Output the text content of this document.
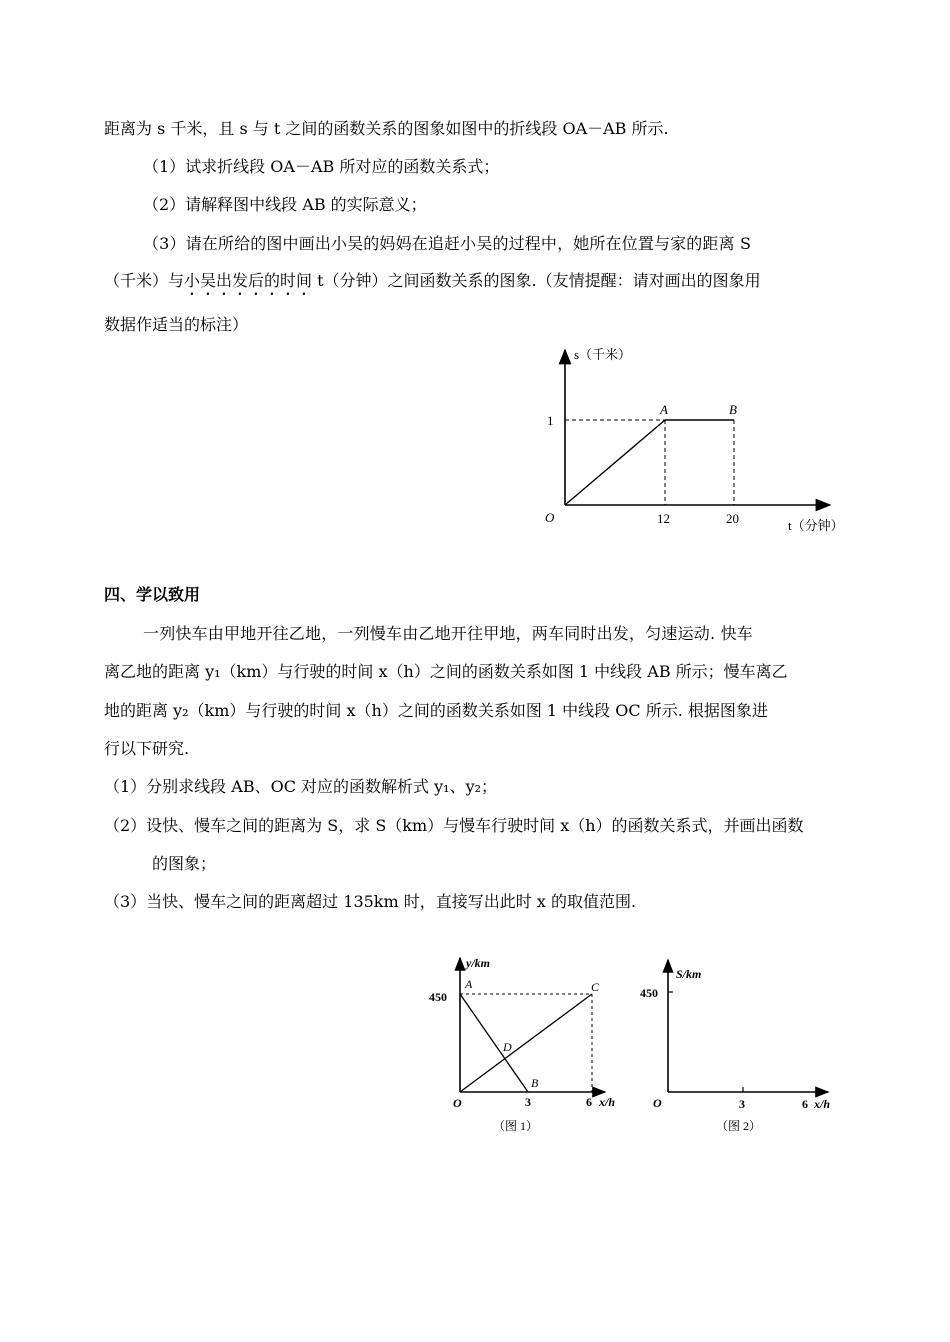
距离为 s 千米，且 s 与 t 之间的函数关系的图象如图中的折线段 OA－AB 所示.
（1）试求折线段 OA－AB 所对应的函数关系式；
（2）请解释图中线段 AB 的实际意义；
（3）请在所给的图中画出小吴的妈妈在追赶小吴的过程中，她所在位置与家的距离 S
（千米）与小吴出发后的时间 t（分钟）之间函数关系的图象.（友情提醒：请对画出的图象用
数据作适当的标注）
s（千米）
1
A	B
O	12	20	t（分钟）
四、学以致用
一列快车由甲地开往乙地，一列慢车由乙地开往甲地，两车同时出发，匀速运动. 快车
离乙地的距离 y₁（km）与行驶的时间 x（h）之间的函数关系如图 1 中线段 AB 所示；慢车离乙
地的距离 y₂（km）与行驶的时间 x（h）之间的函数关系如图 1 中线段 OC 所示. 根据图象进
行以下研究.
（1）分别求线段 AB、OC 对应的函数解析式 y₁、y₂；
（2）设快、慢车之间的距离为 S，求 S（km）与慢车行驶时间 x（h）的函数关系式，并画出函数
的图象；
（3）当快、慢车之间的距离超过 135km 时，直接写出此时 x 的取值范围.
y/km
450
A	C
D
B
O	3	6 x/h
（图 1）
S/km
450
O	3	6 x/h
（图 2）
